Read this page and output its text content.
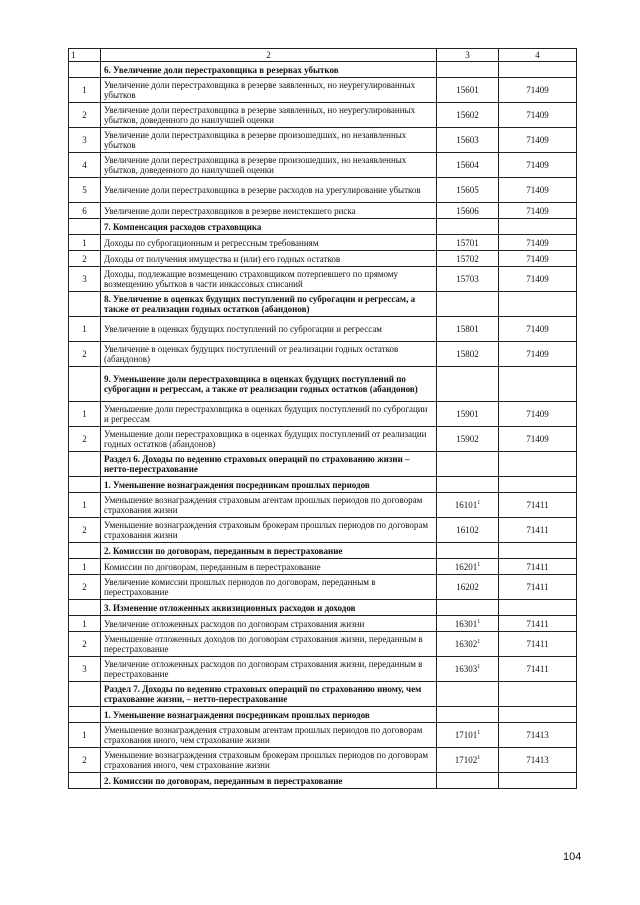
1	2	3	4
	6. Увеличение доли перестраховщика в резервах убытков		
1	Увеличение доли перестраховщика в резерве заявленных, но неурегулированных убытков	15601	71409
2	Увеличение доли перестраховщика в резерве заявленных, но неурегулированных убытков, доведенного до наилучшей оценки	15602	71409
3	Увеличение доли перестраховщика в резерве произошедших, но незаявленных убытков	15603	71409
4	Увеличение доли перестраховщика в резерве произошедших, но незаявленных убытков, доведенного до наилучшей оценки	15604	71409
5	Увеличение доли перестраховщика в резерве расходов на урегулирование убытков	15605	71409
6	Увеличение доли перестраховщиков в резерве неистекшего риска	15606	71409
	7. Компенсация расходов страховщика		
1	Доходы по суброгационным и регрессным требованиям	15701	71409
2	Доходы от получения имущества и (или) его годных остатков	15702	71409
3	Доходы, подлежащие возмещению страховщиком потерпевшего по прямому возмещению убытков в части инкассовых списаний	15703	71409
	8. Увеличение в оценках будущих поступлений по суброгации и регрессам, а также от реализации годных остатков (абандонов)		
1	Увеличение в оценках будущих поступлений по суброгации и регрессам	15801	71409
2	Увеличение в оценках будущих поступлений от реализации годных остатков (абандонов)	15802	71409
	9. Уменьшение доли перестраховщика в оценках будущих поступлений по суброгации и регрессам, а также от реализации годных остатков (абандонов)		
1	Уменьшение доли перестраховщика в оценках будущих поступлений по суброгации и регрессам	15901	71409
2	Уменьшение доли перестраховщика в оценках будущих поступлений от реализации годных остатков (абандонов)	15902	71409
	Раздел 6. Доходы по ведению страховых операций по страхованию жизни – нетто-перестрахование		
	1. Уменьшение вознаграждения посредникам прошлых периодов		
1	Уменьшение вознаграждения страховым агентам прошлых периодов по договорам страхования жизни	16101$^1$	71411
2	Уменьшение вознаграждения страховым брокерам прошлых периодов по договорам страхования жизни	16102	71411
	2. Комиссии по договорам, переданным в перестрахование		
1	Комиссии по договорам, переданным в перестрахование	16201$^1$	71411
2	Увеличение комиссии прошлых периодов по договорам, переданным в перестрахование	16202	71411
	3. Изменение отложенных аквизиционных расходов и доходов		
1	Увеличение отложенных расходов по договорам страхования жизни	16301$^1$	71411
2	Уменьшение отложенных доходов по договорам страхования жизни, переданным в перестрахование	16302$^1$	71411
3	Увеличение отложенных расходов по договорам страхования жизни, переданным в перестрахование	16303$^1$	71411
	Раздел 7. Доходы по ведению страховых операций по страхованию иному, чем страхование жизни, – нетто-перестрахование		
	1. Уменьшение вознаграждения посредникам прошлых периодов		
1	Уменьшение вознаграждения страховым агентам прошлых периодов по договорам страхования иного, чем страхование жизни	17101$^1$	71413
2	Уменьшение вознаграждения страховым брокерам прошлых периодов по договорам страхования иного, чем страхование жизни	17102$^1$	71413
	2. Комиссии по договорам, переданным в перестрахование		
104
